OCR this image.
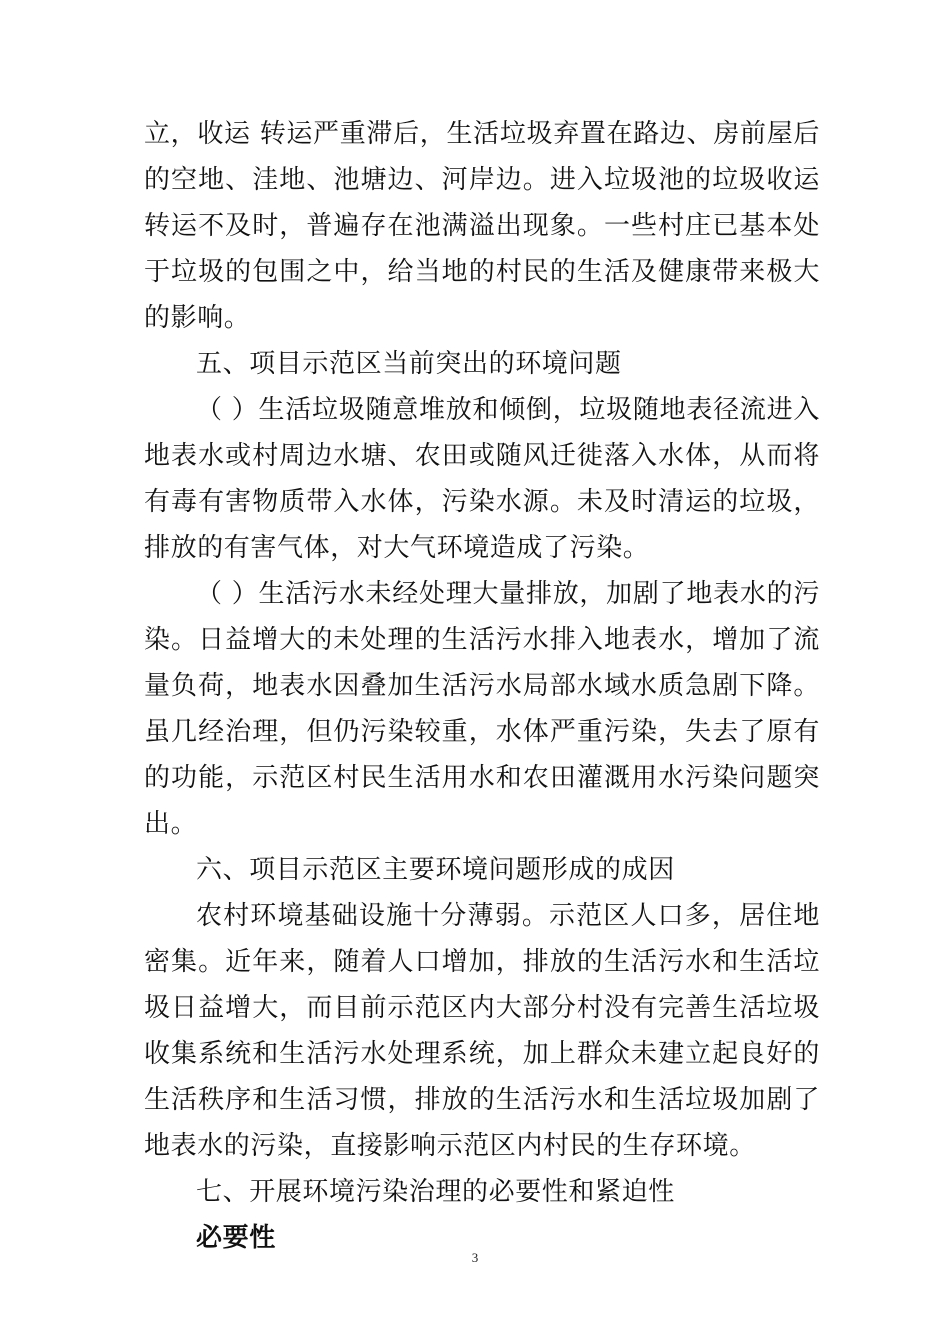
立，收运 转运严重滞后，生活垃圾弃置在路边、房前屋后的空地、洼地、池塘边、河岸边。进入垃圾池的垃圾收运 转运不及时，普遍存在池满溢出现象。一些村庄已基本处于垃圾的包围之中，给当地的村民的生活及健康带来极大的影响。

五、项目示范区当前突出的环境问题

（ ）生活垃圾随意堆放和倾倒，垃圾随地表径流进入地表水或村周边水塘、农田或随风迁徙落入水体，从而将有毒有害物质带入水体，污染水源。未及时清运的垃圾，排放的有害气体，对大气环境造成了污染。

（ ）生活污水未经处理大量排放，加剧了地表水的污染。日益增大的未处理的生活污水排入地表水，增加了流量负荷，地表水因叠加生活污水局部水域水质急剧下降。虽几经治理，但仍污染较重，水体严重污染，失去了原有的功能，示范区村民生活用水和农田灌溉用水污染问题突出。

六、项目示范区主要环境问题形成的成因

农村环境基础设施十分薄弱。示范区人口多，居住地密集。近年来，随着人口增加，排放的生活污水和生活垃圾日益增大，而目前示范区内大部分村没有完善生活垃圾收集系统和生活污水处理系统，加上群众未建立起良好的生活秩序和生活习惯，排放的生活污水和生活垃圾加剧了地表水的污染，直接影响示范区内村民的生存环境。

七、开展环境污染治理的必要性和紧迫性

必要性

3
